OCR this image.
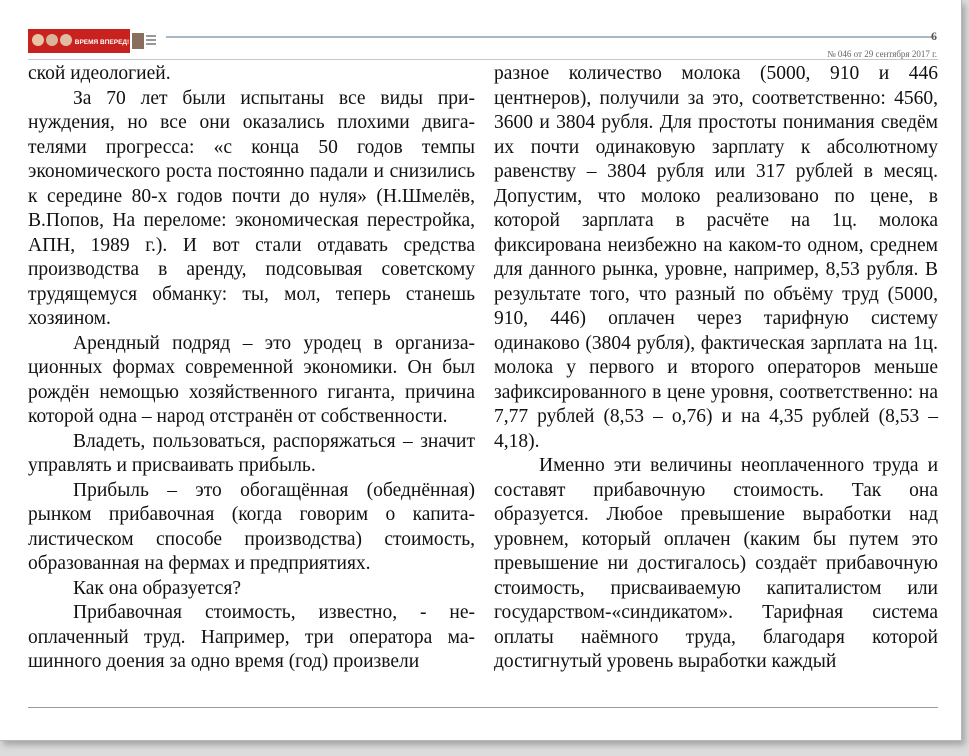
ВРЕМЯ ВПЕРЕД!	6
№ 046 от 29 сентября 2017 г.

ской идеологией.

За 70 лет были испытаны все виды принуждения, но все они оказались плохими двигателями прогресса: «с конца 50 годов темпы экономического роста постоянно падали и снизились к середине 80-х годов почти до нуля» (Н.Шмелёв, В.Попов, На переломе: экономическая перестройка, АПН, 1989 г.). И вот стали отдавать средства производства в аренду, подсовывая советскому трудящемуся обманку: ты, мол, теперь станешь хозяином.

Арендный подряд – это уродец в организационных формах современной экономики. Он был рождён немощью хозяйственного гиганта, причина которой одна – народ отстранён от собственности.

Владеть, пользоваться, распоряжаться – значит управлять и присваивать прибыль.

Прибыль – это обогащённая (обеднённая) рынком прибавочная (когда говорим о капиталистическом способе производства) стоимость, образованная на фермах и предприятиях.

Как она образуется?

Прибавочная стоимость, известно, - неоплаченный труд. Например, три оператора машинного доения за одно время (год) произвели

разное количество молока (5000, 910 и 446 центнеров), получили за это, соответственно: 4560, 3600 и 3804 рубля. Для простоты понимания сведём их почти одинаковую зарплату к абсолютному равенству – 3804 рубля или 317 рублей в месяц. Допустим, что молоко реализовано по цене, в которой зарплата в расчёте на 1ц. молока фиксирована неизбежно на каком-то одном, среднем для данного рынка, уровне, например, 8,53 рубля. В результате того, что разный по объёму труд (5000, 910, 446) оплачен через тарифную систему одинаково (3804 рубля), фактическая зарплата на 1ц. молока у первого и второго операторов меньше зафиксированного в цене уровня, соответственно: на 7,77 рублей (8,53 – о,76) и на 4,35 рублей (8,53 – 4,18).

Именно эти величины неоплаченного труда и составят прибавочную стоимость. Так она образуется. Любое превышение выработки над уровнем, который оплачен (каким бы путем это превышение ни достигалось) создаёт прибавочную стоимость, присваиваемую капиталистом или государством-«синдикатом». Тарифная система оплаты наёмного труда, благодаря которой достигнутый уровень выработки каждый
